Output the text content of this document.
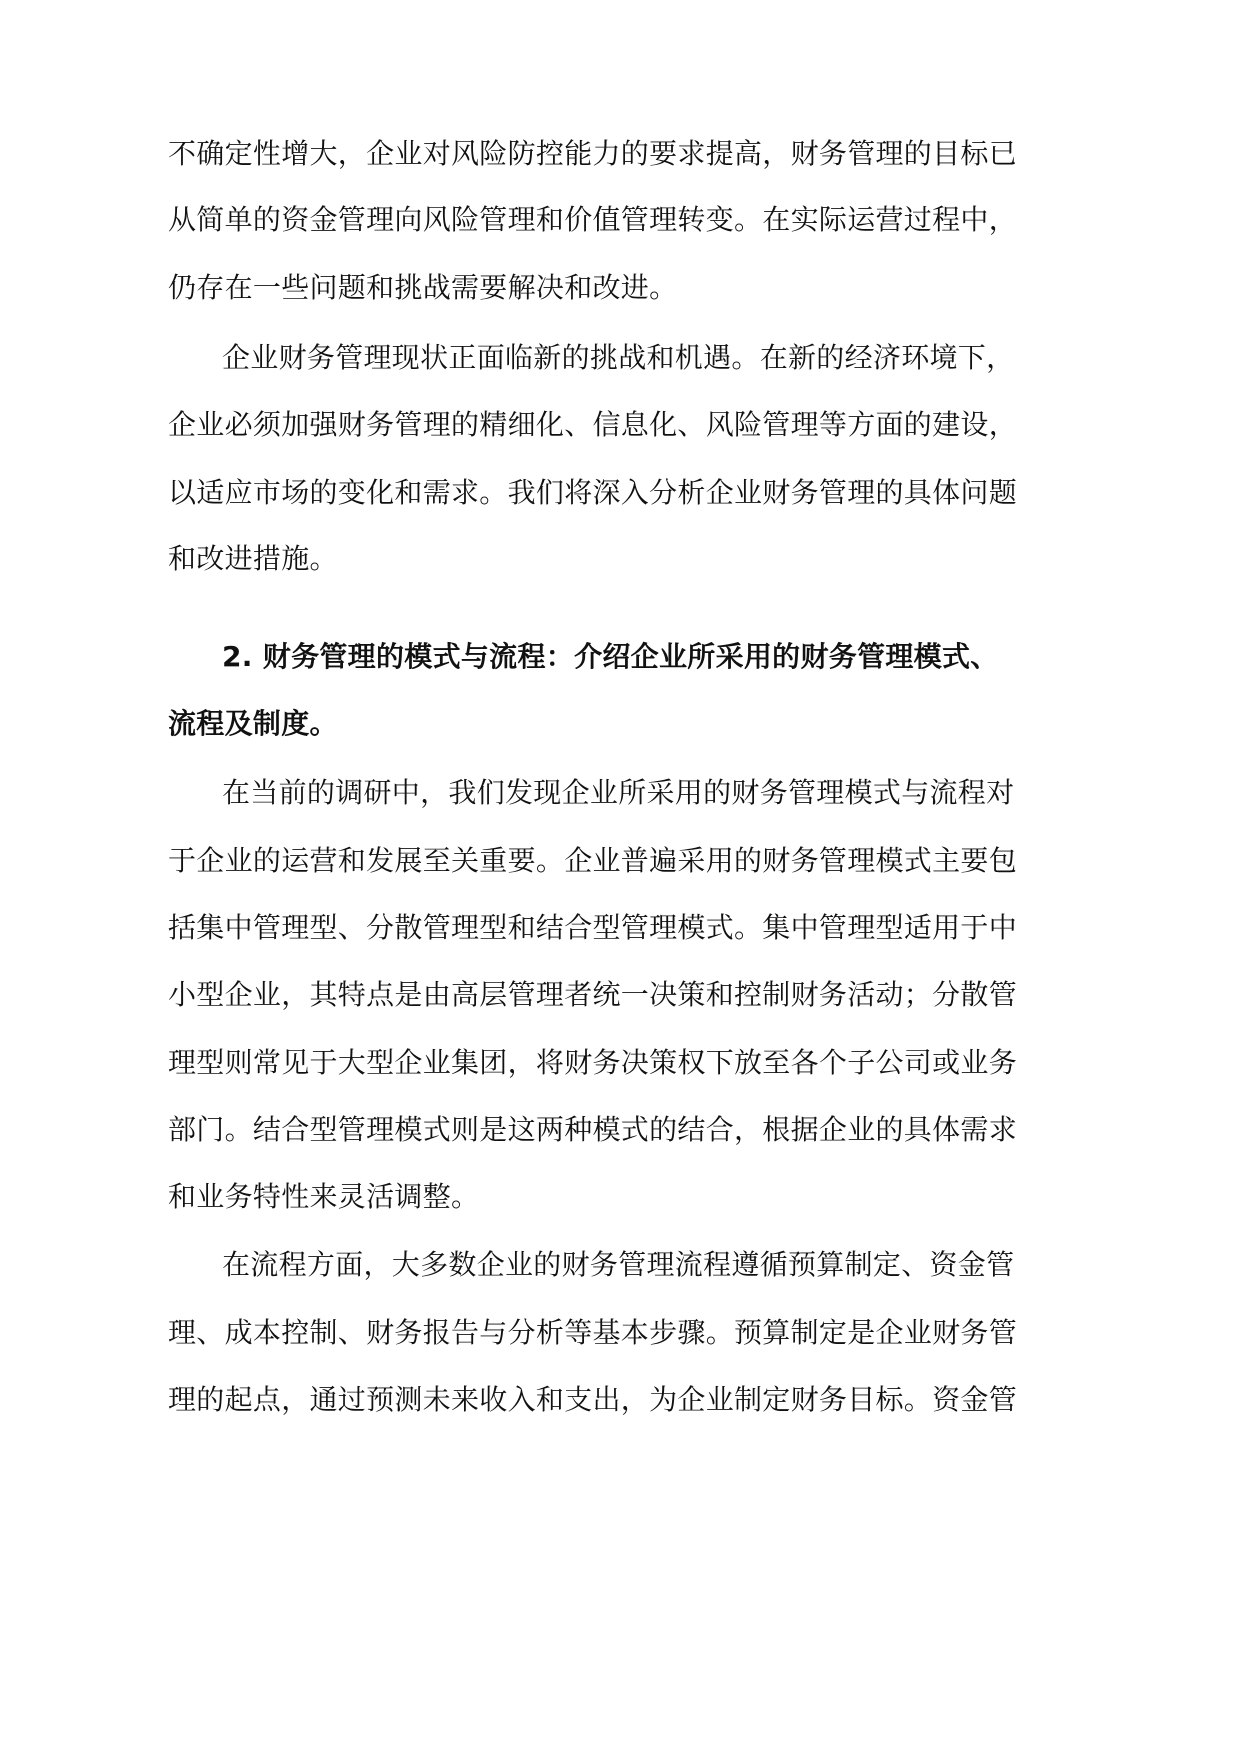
不确定性增大，企业对风险防控能力的要求提高，财务管理的目标已
从简单的资金管理向风险管理和价值管理转变。在实际运营过程中，
仍存在一些问题和挑战需要解决和改进。
企业财务管理现状正面临新的挑战和机遇。在新的经济环境下，
企业必须加强财务管理的精细化、信息化、风险管理等方面的建设，
以适应市场的变化和需求。我们将深入分析企业财务管理的具体问题
和改进措施。
2. 财务管理的模式与流程：介绍企业所采用的财务管理模式、
流程及制度。
在当前的调研中，我们发现企业所采用的财务管理模式与流程对
于企业的运营和发展至关重要。企业普遍采用的财务管理模式主要包
括集中管理型、分散管理型和结合型管理模式。集中管理型适用于中
小型企业，其特点是由高层管理者统一决策和控制财务活动；分散管
理型则常见于大型企业集团，将财务决策权下放至各个子公司或业务
部门。结合型管理模式则是这两种模式的结合，根据企业的具体需求
和业务特性来灵活调整。
在流程方面，大多数企业的财务管理流程遵循预算制定、资金管
理、成本控制、财务报告与分析等基本步骤。预算制定是企业财务管
理的起点，通过预测未来收入和支出，为企业制定财务目标。资金管
